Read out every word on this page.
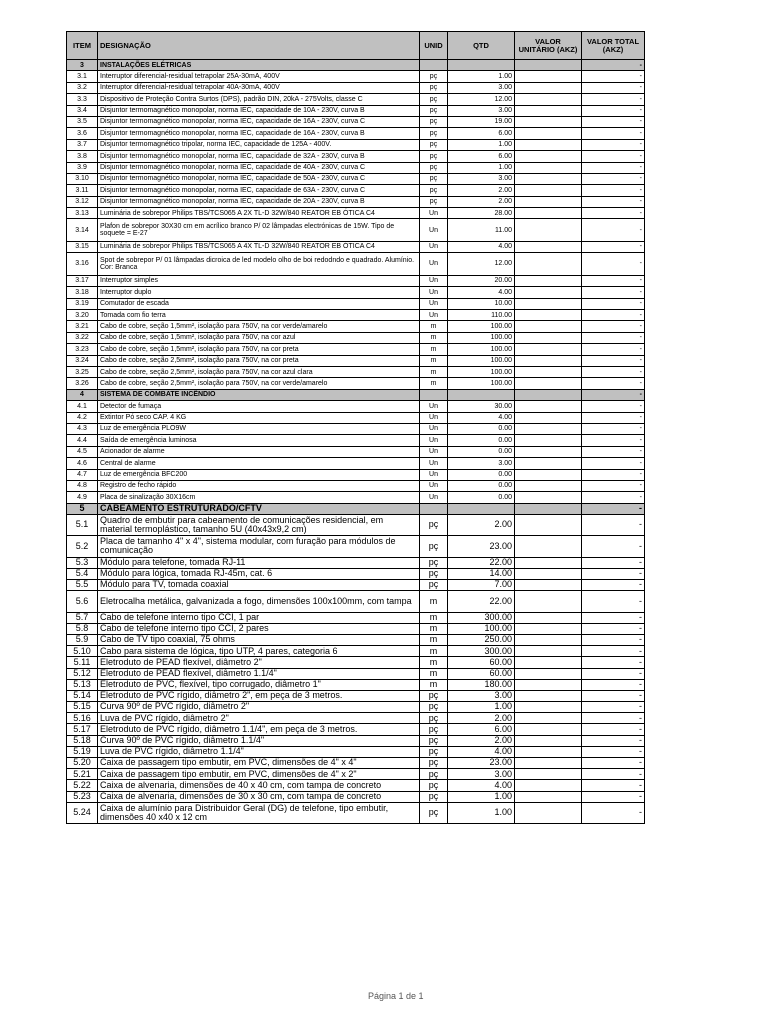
ITEM	DESIGNAÇÃO	UNID	QTD	VALOR UNITÁRIO (AKZ)	VALOR TOTAL (AKZ)
3	INSTALAÇÕES ELÉTRICAS				-
3.1	Interruptor diferencial-residual tetrapolar 25A-30mA, 400V	pç	1.00		-
3.2	Interruptor diferencial-residual tetrapolar 40A-30mA, 400V	pç	3.00		-
3.3	Dispositivo de Proteção Contra Surtos (DPS), padrão DIN, 20kA - 275Volts, classe C	pç	12.00		-
3.4	Disjuntor termomagnético monopolar, norma IEC, capacidade de 10A - 230V, curva B	pç	3.00		-
3.5	Disjuntor termomagnético monopolar, norma IEC, capacidade de 16A - 230V, curva C	pç	19.00		-
3.6	Disjuntor termomagnético monopolar, norma IEC, capacidade de 16A - 230V, curva B	pç	6.00		-
3.7	Disjuntor termomagnético tripolar, norma IEC, capacidade de 125A - 400V.	pç	1.00		-
3.8	Disjuntor termomagnético monopolar, norma IEC, capacidade de 32A - 230V, curva B	pç	6.00		-
3.9	Disjuntor termomagnético monopolar, norma IEC, capacidade de 40A - 230V, curva C	pç	1.00		-
3.10	Disjuntor termomagnético monopolar, norma IEC, capacidade de 50A - 230V, curva C	pç	3.00		-
3.11	Disjuntor termomagnético monopolar, norma IEC, capacidade de 63A - 230V, curva C	pç	2.00		-
3.12	Disjuntor termomagnético monopolar, norma IEC, capacidade de 20A - 230V, curva B	pç	2.00		-
3.13	Luminária de sobrepor Philips TBS/TCS065 A 2X TL-D 32W/840 REATOR EB ÓTICA C4	Un	28.00		-
3.14	Plafon de sobrepor 30X30 cm em acrílico branco P/ 02 lâmpadas electrónicas de 15W. Tipo de soquete = E-27	Un	11.00		-
3.15	Luminária de sobrepor Philips TBS/TCS065 A 4X TL-D 32W/840 REATOR EB ÓTICA C4	Un	4.00		-
3.16	Spot de sobrepor P/ 01 lâmpadas dicroica de led modelo olho de boi redodndo e quadrado. Alumínio. Cor: Branca	Un	12.00		-
3.17	Interruptor simples	Un	20.00		-
3.18	Interruptor duplo	Un	4.00		-
3.19	Comutador de escada	Un	10.00		-
3.20	Tomada com fio terra	Un	110.00		-
3.21	Cabo de cobre, seção 1,5mm², isolação para 750V, na cor verde/amarelo	m	100.00		-
3.22	Cabo de cobre, seção 1,5mm², isolação para 750V, na cor azul	m	100.00		-
3.23	Cabo de cobre, seção 1,5mm², isolação para 750V, na cor preta	m	100.00		-
3.24	Cabo de cobre, seção 2,5mm², isolação para 750V, na cor preta	m	100.00		-
3.25	Cabo de cobre, seção 2,5mm², isolação para 750V, na cor azul clara	m	100.00		-
3.26	Cabo de cobre, seção 2,5mm², isolação para 750V, na cor verde/amarelo	m	100.00		-
4	SISTEMA DE COMBATE INCÊNDIO				-
4.1	Detector de fumaça	Un	30.00		-
4.2	Extintor Pó seco CAP. 4 KG	Un	4.00		-
4.3	Luz de emergência PLO9W	Un	0.00		-
4.4	Saída de emergência luminosa	Un	0.00		-
4.5	Acionador de alarme	Un	0.00		-
4.6	Central de alarme	Un	3.00		-
4.7	Luz de emergência BFC200	Un	0.00		-
4.8	Registro de fecho rápido	Un	0.00		-
4.9	Placa de sinalização 30X16cm	Un	0.00		-
5	CABEAMENTO ESTRUTURADO/CFTV				-
5.1	Quadro de embutir para cabeamento de comunicações residencial, em material termoplástico, tamanho 5U (40x43x9,2 cm)	pç	2.00		-
5.2	Placa de tamanho 4" x 4", sistema modular, com furação para módulos de comunicação	pç	23.00		-
5.3	Módulo para telefone, tomada RJ-11	pç	22.00		-
5.4	Módulo para lógica, tomada RJ-45m, cat. 6	pç	14.00		-
5.5	Módulo para TV, tomada coaxial	pç	7.00		-
5.6	Eletrocalha metálica, galvanizada a fogo, dimensões 100x100mm, com tampa	m	22.00		-
5.7	Cabo de telefone interno tipo CCI, 1 par	m	300.00		-
5.8	Cabo de telefone interno tipo CCI, 2 pares	m	100.00		-
5.9	Cabo de TV tipo coaxial, 75 ohms	m	250.00		-
5.10	Cabo para sistema de lógica, tipo UTP, 4 pares, categoria 6	m	300.00		-
5.11	Eletroduto de PEAD flexível, diâmetro 2"	m	60.00		-
5.12	Eletroduto de PEAD flexível, diâmetro 1.1/4"	m	60.00		-
5.13	Eletroduto de PVC, flexível, tipo corrugado, diâmetro 1"	m	180.00		-
5.14	Eletroduto de PVC rígido, diâmetro 2", em peça de 3 metros.	pç	3.00		-
5.15	Curva 90º de PVC rígido, diâmetro 2"	pç	1.00		-
5.16	Luva de PVC rígido, diâmetro 2"	pç	2.00		-
5.17	Eletroduto de PVC rígido, diâmetro 1.1/4", em peça de 3 metros.	pç	6.00		-
5.18	Curva 90º de PVC rígido, diâmetro 1.1/4"	pç	2.00		-
5.19	Luva de PVC rígido, diâmetro 1.1/4"	pç	4.00		-
5.20	Caixa de passagem tipo embutir, em PVC, dimensões de 4" x 4"	pç	23.00		-
5.21	Caixa de passagem tipo embutir, em PVC, dimensões de 4" x 2"	pç	3.00		-
5.22	Caixa de alvenaria, dimensões de 40 x 40 cm, com tampa de concreto	pç	4.00		-
5.23	Caixa de alvenaria, dimensões de 30 x 30 cm, com tampa de concreto	pç	1.00		-
5.24	Caixa de alumínio para Distribuidor Geral (DG) de telefone, tipo embutir, dimensões 40 x40 x 12 cm	pç	1.00		-
Página 1 de 1
